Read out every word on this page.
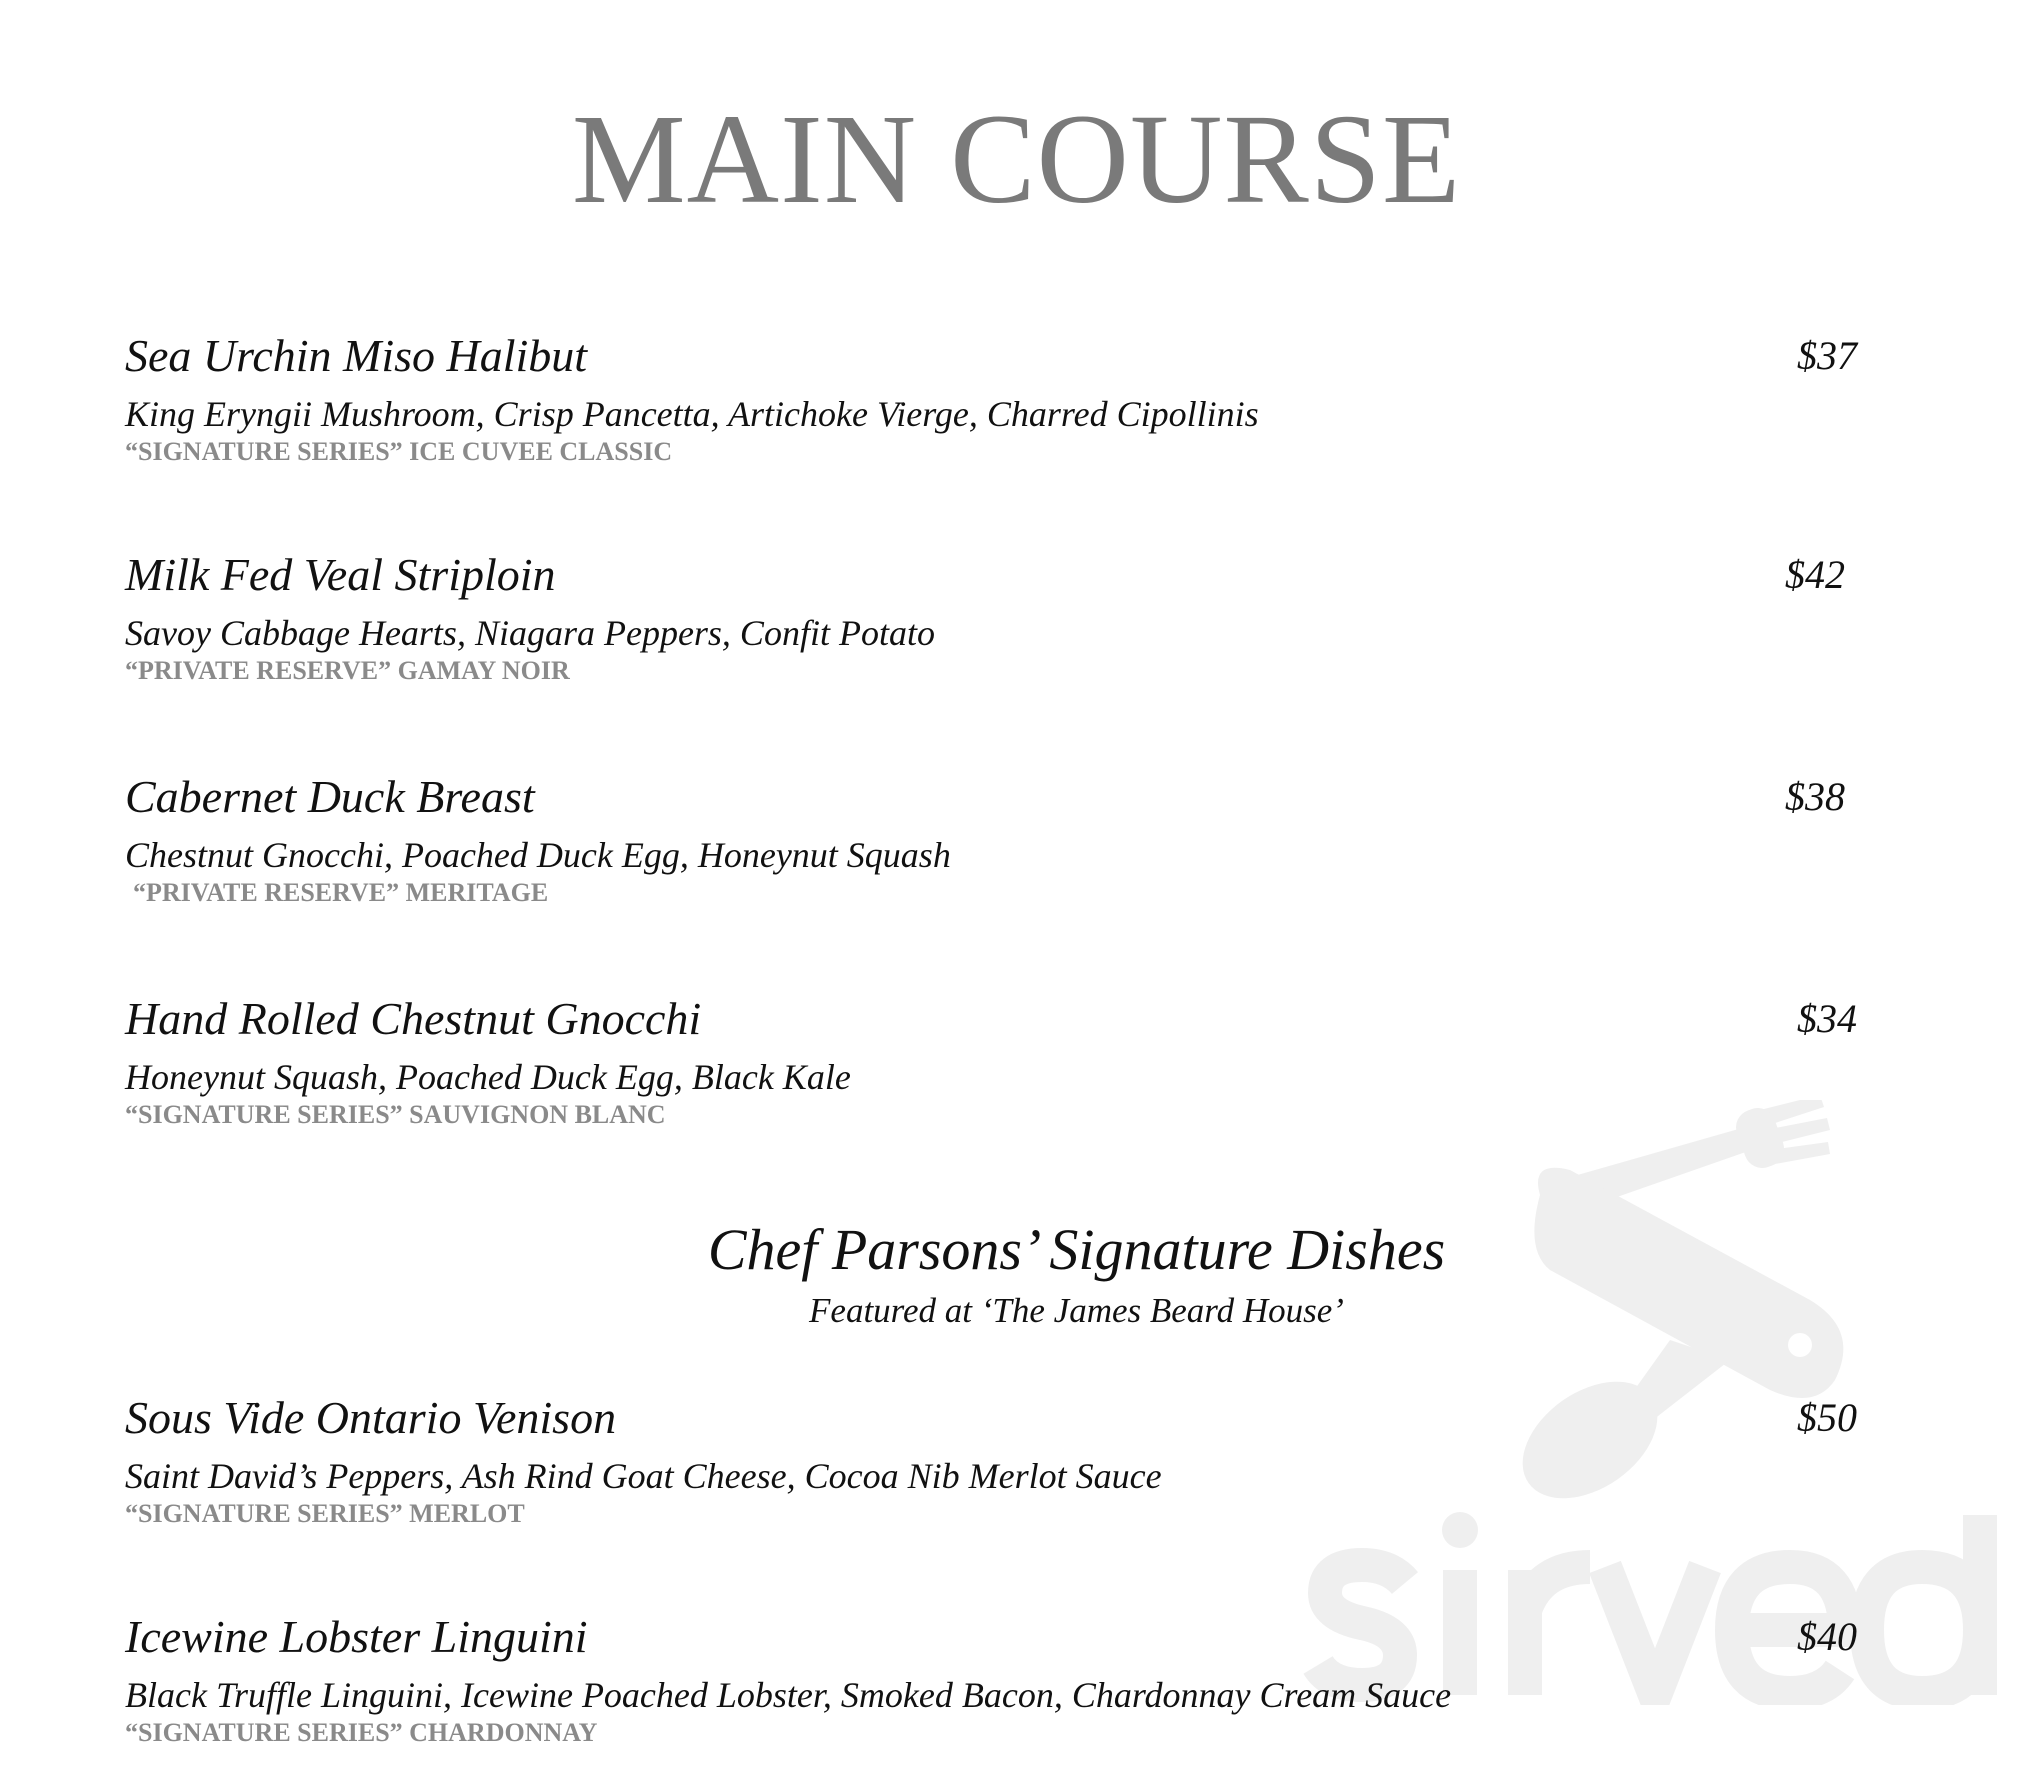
MAIN COURSE
Sea Urchin Miso Halibut
King Eryngii Mushroom, Crisp Pancetta, Artichoke Vierge, Charred Cipollinis
“SIGNATURE SERIES” ICE CUVEE CLASSIC
$37
Milk Fed Veal Striploin
Savoy Cabbage Hearts, Niagara Peppers, Confit Potato
“PRIVATE RESERVE” GAMAY NOIR
$42
Cabernet Duck Breast
Chestnut Gnocchi, Poached Duck Egg, Honeynut Squash
“PRIVATE RESERVE” MERITAGE
$38
Hand Rolled Chestnut Gnocchi
Honeynut Squash, Poached Duck Egg, Black Kale
“SIGNATURE SERIES” SAUVIGNON BLANC
$34
Chef Parsons’ Signature Dishes
Featured at ‘The James Beard House’
Sous Vide Ontario Venison
Saint David’s Peppers, Ash Rind Goat Cheese, Cocoa Nib Merlot Sauce
“SIGNATURE SERIES” MERLOT
$50
Icewine Lobster Linguini
Black Truffle Linguini, Icewine Poached Lobster, Smoked Bacon, Chardonnay Cream Sauce
“SIGNATURE SERIES” CHARDONNAY
$40
